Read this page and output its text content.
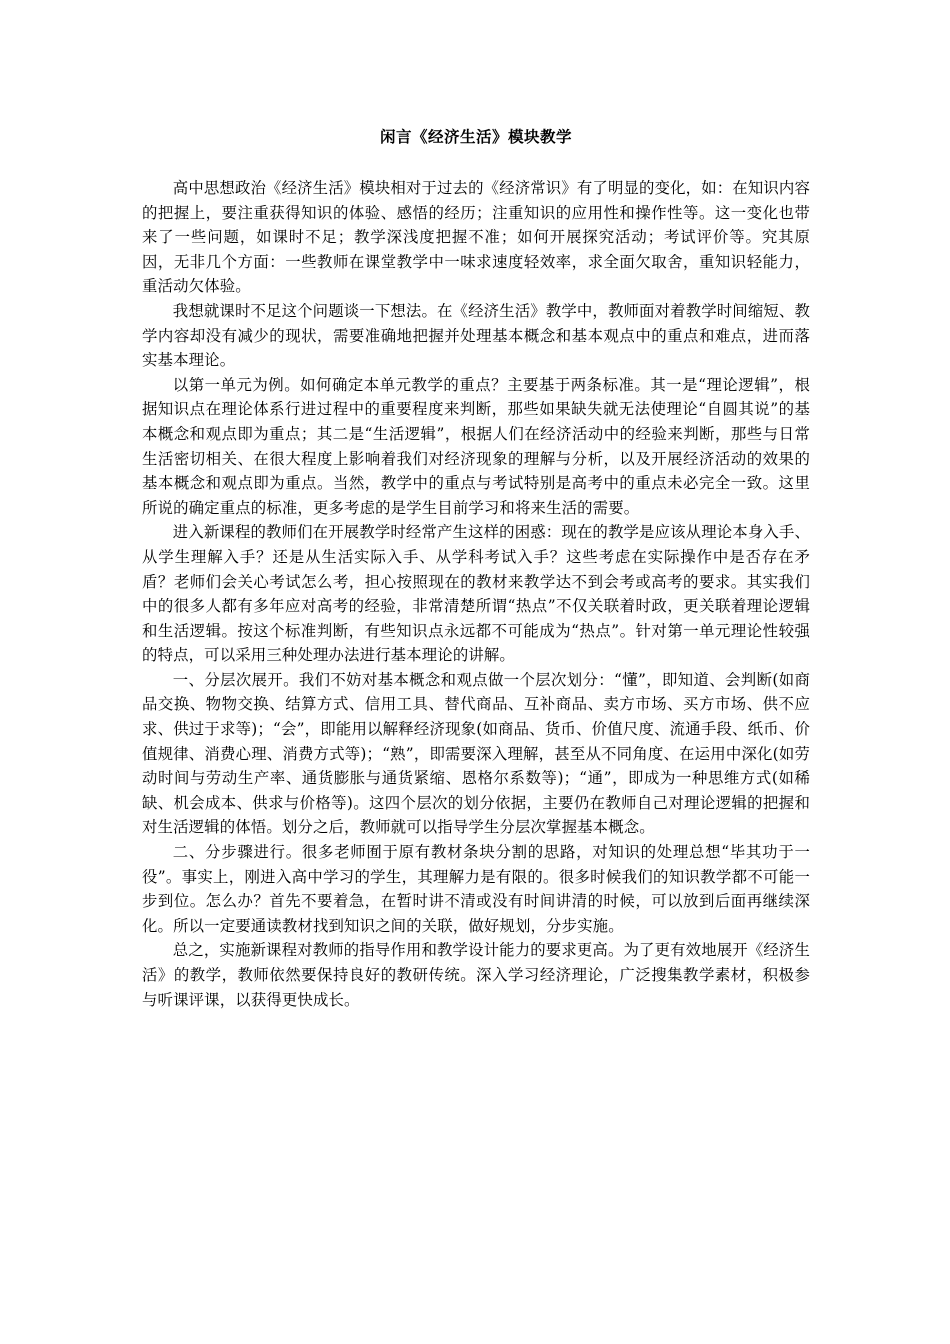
闲言《经济生活》模块教学

高中思想政治《经济生活》模块相对于过去的《经济常识》有了明显的变化，如：在知识内容的把握上，要注重获得知识的体验、感悟的经历；注重知识的应用性和操作性等。这一变化也带来了一些问题，如课时不足；教学深浅度把握不准；如何开展探究活动；考试评价等。究其原因，无非几个方面：一些教师在课堂教学中一味求速度轻效率，求全面欠取舍，重知识轻能力，重活动欠体验。

我想就课时不足这个问题谈一下想法。在《经济生活》教学中，教师面对着教学时间缩短、教学内容却没有减少的现状，需要准确地把握并处理基本概念和基本观点中的重点和难点，进而落实基本理论。

以第一单元为例。如何确定本单元教学的重点？主要基于两条标准。其一是“理论逻辑”，根据知识点在理论体系行进过程中的重要程度来判断，那些如果缺失就无法使理论“自圆其说”的基本概念和观点即为重点；其二是“生活逻辑”，根据人们在经济活动中的经验来判断，那些与日常生活密切相关、在很大程度上影响着我们对经济现象的理解与分析，以及开展经济活动的效果的基本概念和观点即为重点。当然，教学中的重点与考试特别是高考中的重点未必完全一致。这里所说的确定重点的标准，更多考虑的是学生目前学习和将来生活的需要。

进入新课程的教师们在开展教学时经常产生这样的困惑：现在的教学是应该从理论本身入手、从学生理解入手？还是从生活实际入手、从学科考试入手？这些考虑在实际操作中是否存在矛盾？老师们会关心考试怎么考，担心按照现在的教材来教学达不到会考或高考的要求。其实我们中的很多人都有多年应对高考的经验，非常清楚所谓“热点”不仅关联着时政，更关联着理论逻辑和生活逻辑。按这个标准判断，有些知识点永远都不可能成为“热点”。针对第一单元理论性较强的特点，可以采用三种处理办法进行基本理论的讲解。

一、分层次展开。我们不妨对基本概念和观点做一个层次划分：“懂”，即知道、会判断(如商品交换、物物交换、结算方式、信用工具、替代商品、互补商品、卖方市场、买方市场、供不应求、供过于求等)；“会”，即能用以解释经济现象(如商品、货币、价值尺度、流通手段、纸币、价值规律、消费心理、消费方式等)；“熟”，即需要深入理解，甚至从不同角度、在运用中深化(如劳动时间与劳动生产率、通货膨胀与通货紧缩、恩格尔系数等)；“通”，即成为一种思维方式(如稀缺、机会成本、供求与价格等)。这四个层次的划分依据，主要仍在教师自己对理论逻辑的把握和对生活逻辑的体悟。划分之后，教师就可以指导学生分层次掌握基本概念。

二、分步骤进行。很多老师囿于原有教材条块分割的思路，对知识的处理总想“毕其功于一役”。事实上，刚进入高中学习的学生，其理解力是有限的。很多时候我们的知识教学都不可能一步到位。怎么办？首先不要着急，在暂时讲不清或没有时间讲清的时候，可以放到后面再继续深化。所以一定要通读教材找到知识之间的关联，做好规划，分步实施。

总之，实施新课程对教师的指导作用和教学设计能力的要求更高。为了更有效地展开《经济生活》的教学，教师依然要保持良好的教研传统。深入学习经济理论，广泛搜集教学素材，积极参与听课评课，以获得更快成长。
